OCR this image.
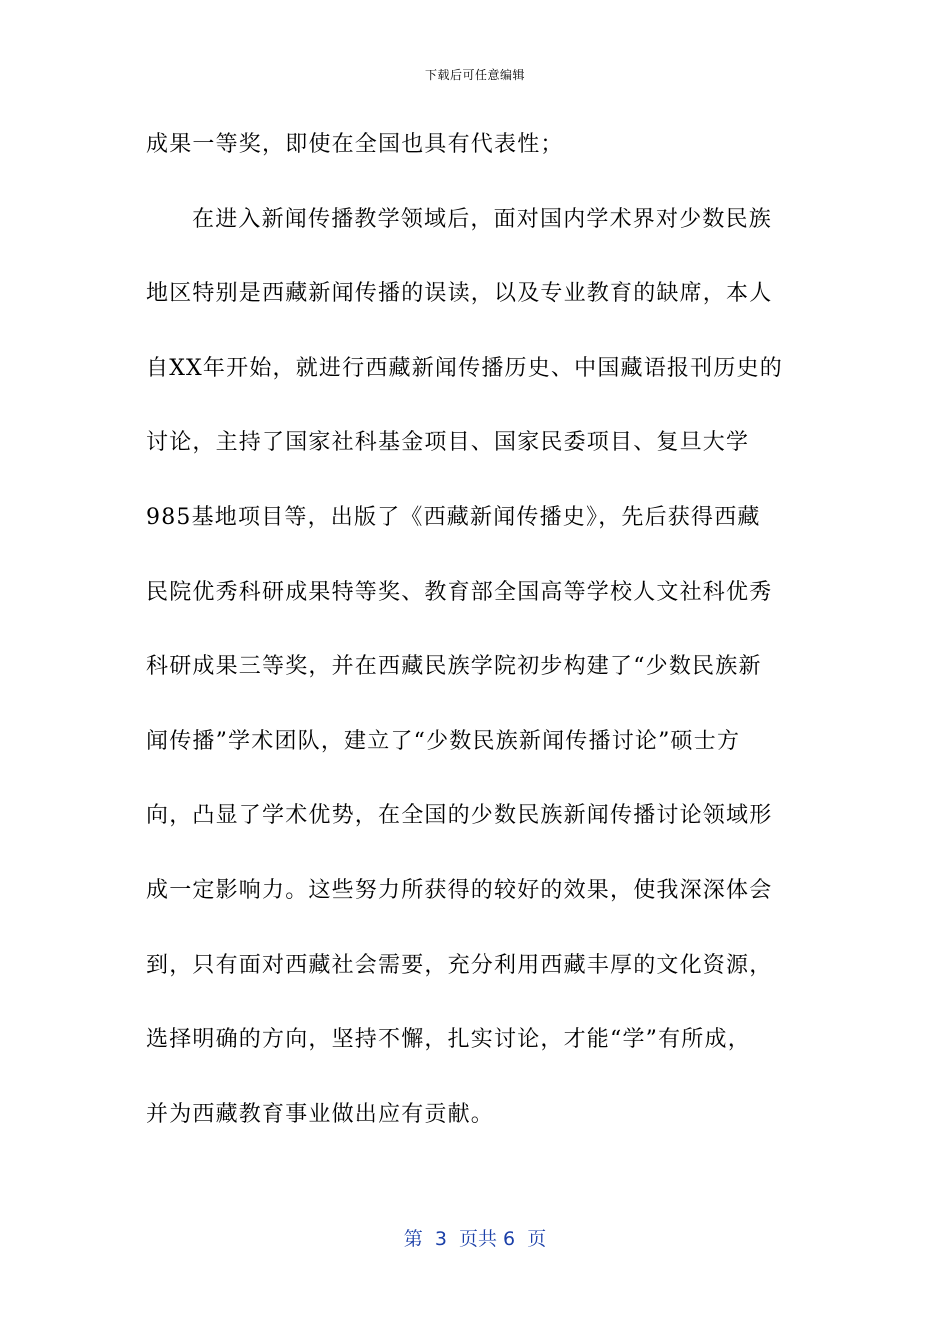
下载后可任意编辑
成果一等奖，即使在全国也具有代表性；
在进入新闻传播教学领域后，面对国内学术界对少数民族
地区特别是西藏新闻传播的误读，以及专业教育的缺席，本人
自XX年开始，就进行西藏新闻传播历史、中国藏语报刊历史的
讨论，主持了国家社科基金项目、国家民委项目、复旦大学
985基地项目等，出版了《西藏新闻传播史》，先后获得西藏
民院优秀科研成果特等奖、教育部全国高等学校人文社科优秀
科研成果三等奖，并在西藏民族学院初步构建了“少数民族新
闻传播”学术团队，建立了“少数民族新闻传播讨论”硕士方
向，凸显了学术优势，在全国的少数民族新闻传播讨论领域形
成一定影响力。这些努力所获得的较好的效果，使我深深体会
到，只有面对西藏社会需要，充分利用西藏丰厚的文化资源，
选择明确的方向，坚持不懈，扎实讨论，才能“学”有所成，
并为西藏教育事业做出应有贡献。
第  3  页共 6  页
